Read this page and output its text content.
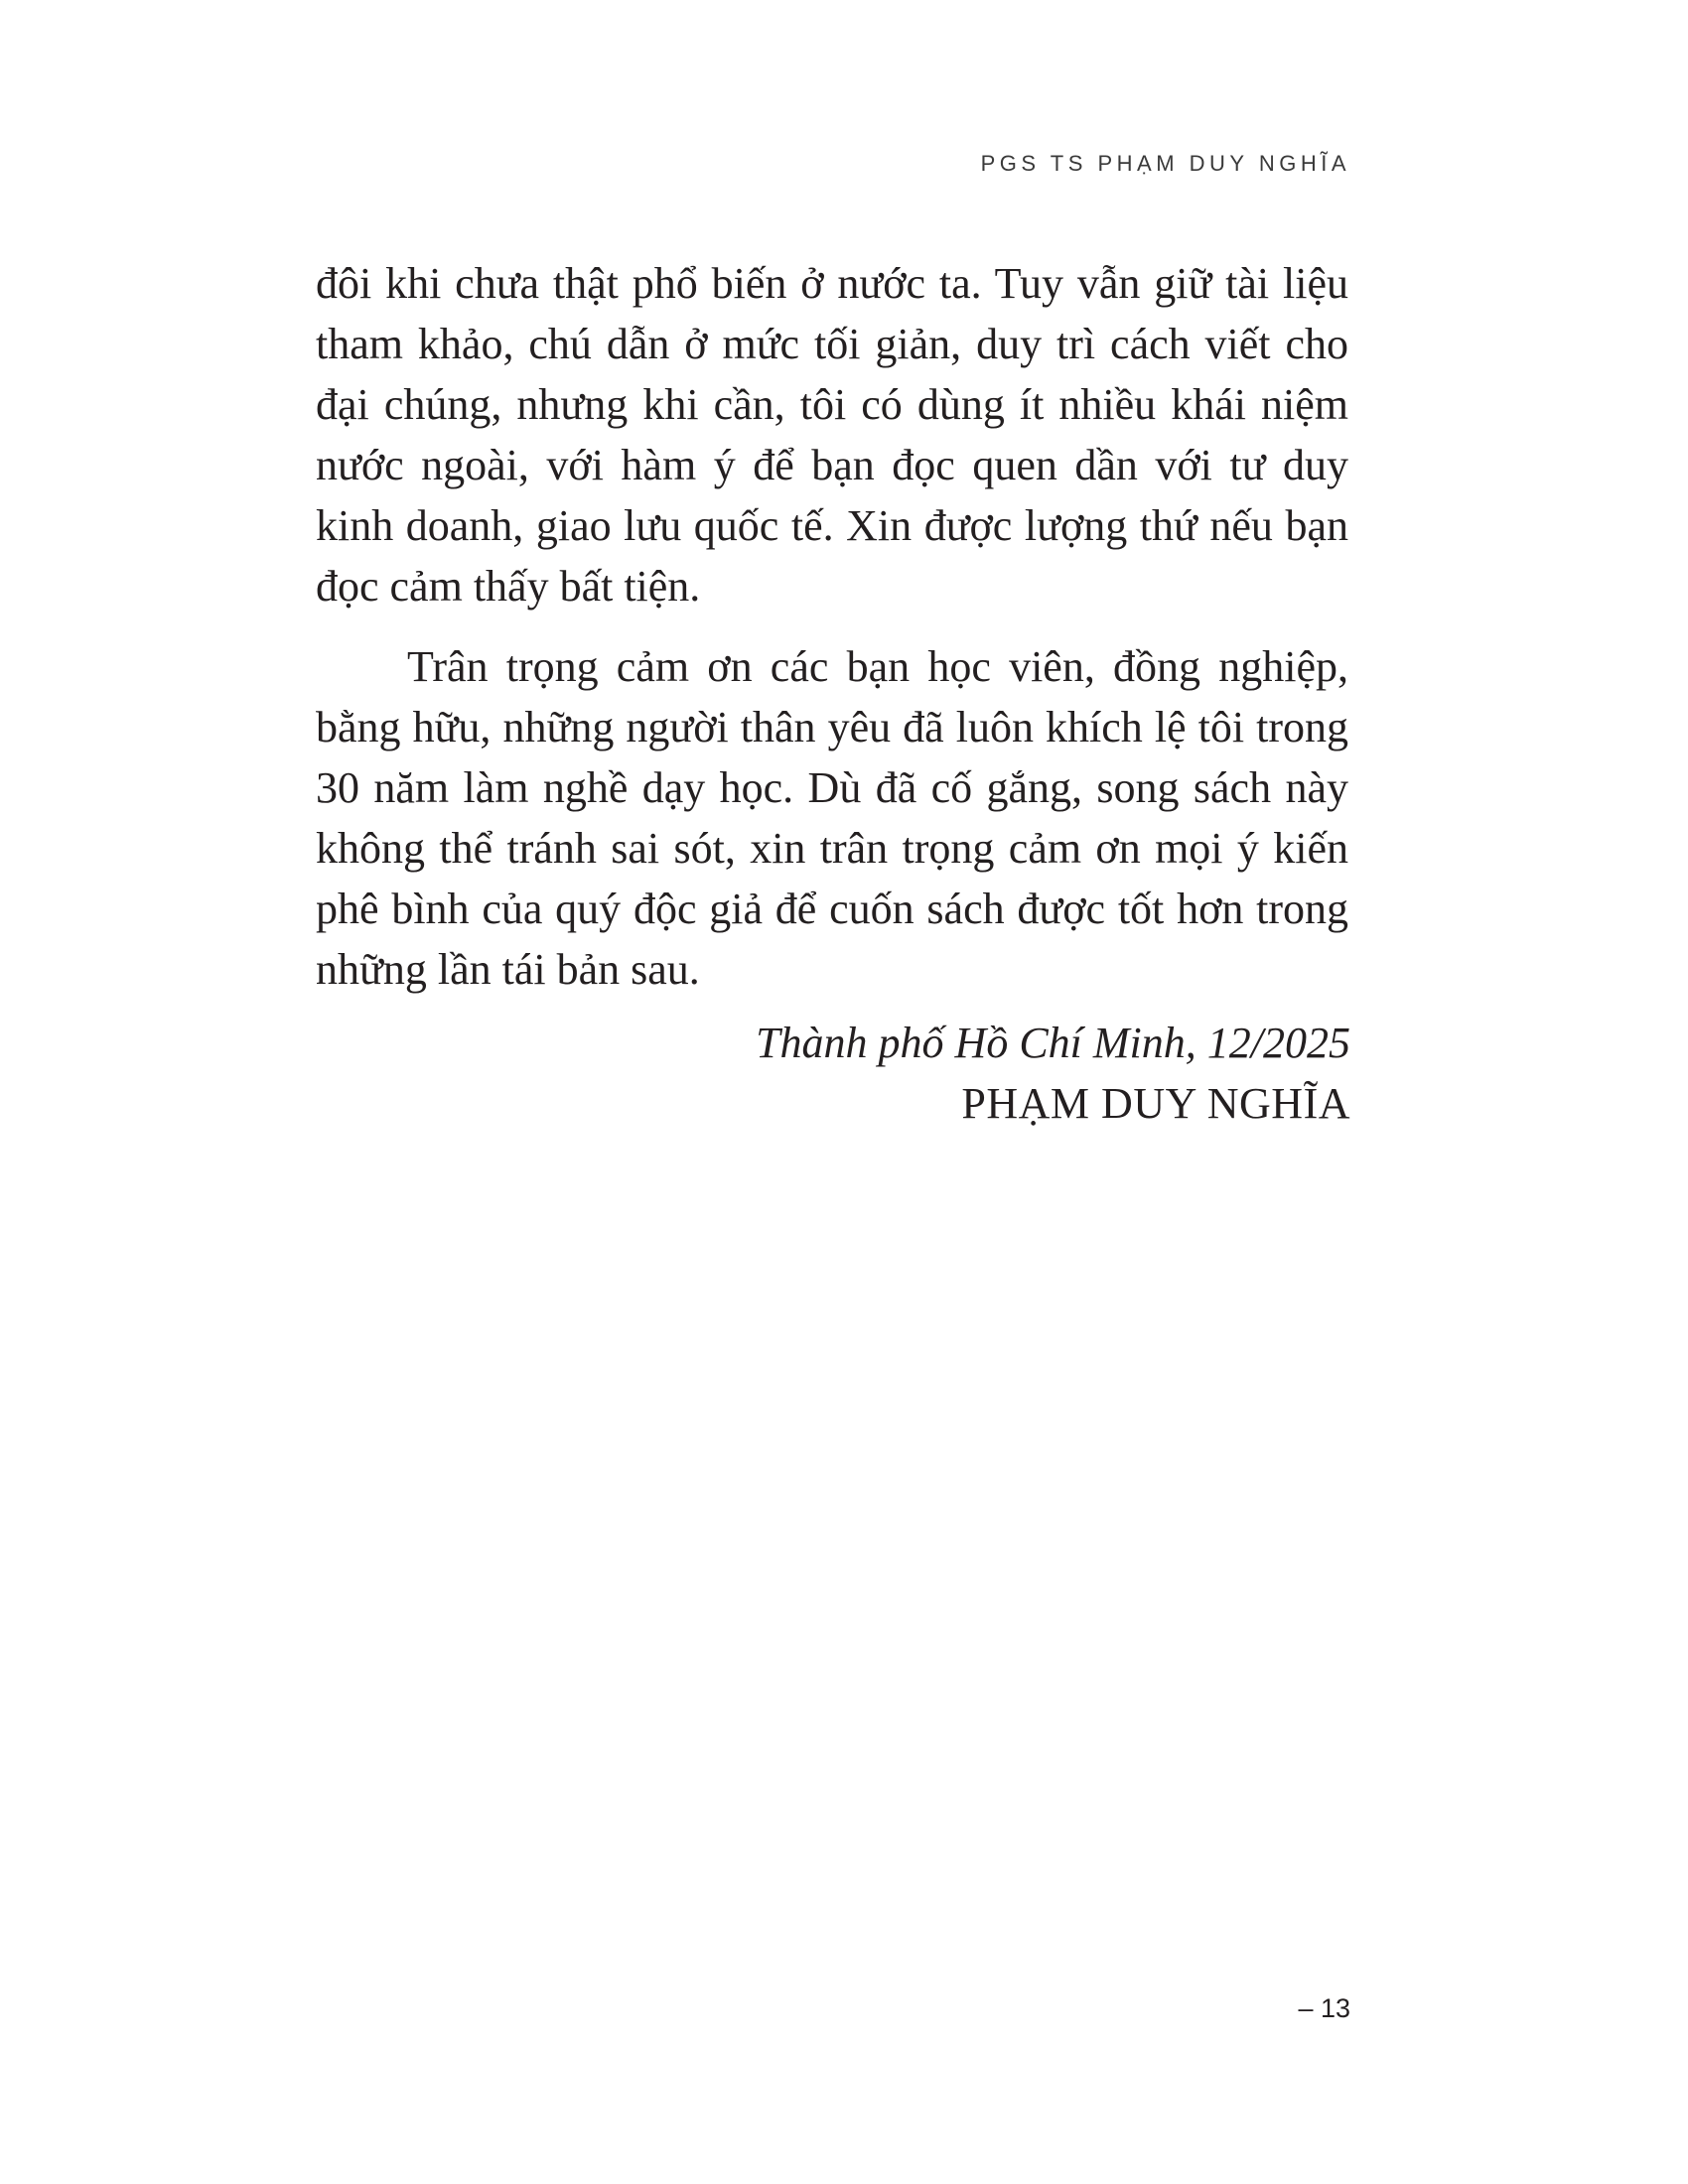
PGS TS PHẠM DUY NGHĨA

đôi khi chưa thật phổ biến ở nước ta. Tuy vẫn giữ tài liệu tham khảo, chú dẫn ở mức tối giản, duy trì cách viết cho đại chúng, nhưng khi cần, tôi có dùng ít nhiều khái niệm nước ngoài, với hàm ý để bạn đọc quen dần với tư duy kinh doanh, giao lưu quốc tế. Xin được lượng thứ nếu bạn đọc cảm thấy bất tiện.

Trân trọng cảm ơn các bạn học viên, đồng nghiệp, bằng hữu, những người thân yêu đã luôn khích lệ tôi trong 30 năm làm nghề dạy học. Dù đã cố gắng, song sách này không thể tránh sai sót, xin trân trọng cảm ơn mọi ý kiến phê bình của quý độc giả để cuốn sách được tốt hơn trong những lần tái bản sau.

Thành phố Hồ Chí Minh, 12/2025
PHẠM DUY NGHĨA
– 13
